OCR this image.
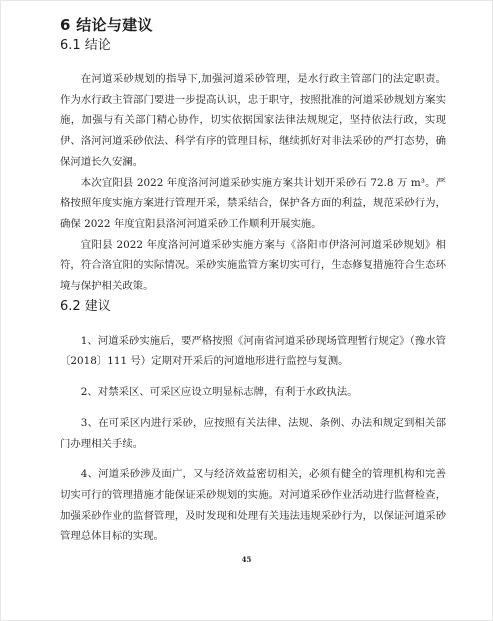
6 结论与建议
6.1 结论

在河道采砂规划的指导下,加强河道采砂管理，是水行政主管部门的法定职责。作为水行政主管部门要进一步提高认识，忠于职守，按照批准的河道采砂规划方案实施，加强与有关部门精心协作，切实依据国家法律法规规定，坚持依法行政，实现伊、洛河河道采砂依法、科学有序的管理目标，继续抓好对非法采砂的严打态势，确保河道长久安澜。

本次宜阳县 2022 年度洛河河道采砂实施方案共计划开采砂石 72.8 万 m³。严格按照年度实施方案进行管理开采，禁采结合，保护各方面的利益，规范采砂行为，确保 2022 年度宜阳县洛河河道采砂工作顺利开展实施。

宜阳县 2022 年度洛河河道采砂实施方案与《洛阳市伊洛河河道采砂规划》相符，符合洛宜阳的实际情况。采砂实施监管方案切实可行，生态修复措施符合生态环境与保护相关政策。

6.2 建议

1、河道采砂实施后，要严格按照《河南省河道采砂现场管理暂行规定》（豫水管〔2018〕111 号）定期对开采后的河道地形进行监控与复测。

2、对禁采区、可采区应设立明显标志牌，有利于水政执法。

3、在可采区内进行采砂，应按照有关法律、法规、条例、办法和规定到相关部门办理相关手续。

4、河道采砂涉及面广，又与经济效益密切相关，必须有健全的管理机构和完善切实可行的管理措施才能保证采砂规划的实施。对河道采砂作业活动进行监督检查，加强采砂作业的监督管理，及时发现和处理有关违法违规采砂行为，以保证河道采砂管理总体目标的实现。

45
